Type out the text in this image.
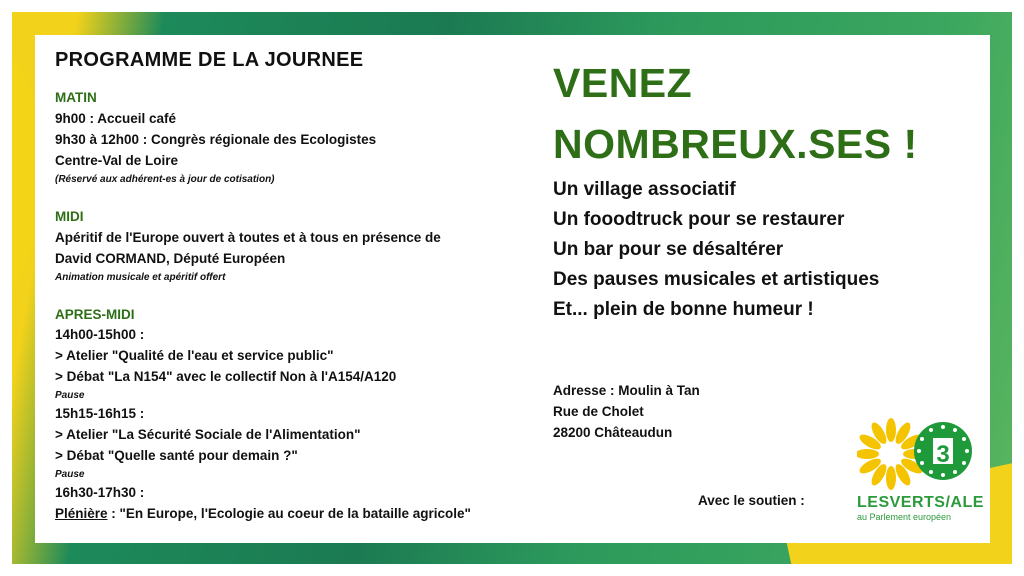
PROGRAMME DE LA JOURNEE

MATIN

9h00 : Accueil café

9h30 à 12h00 : Congrès régionale des Ecologistes

Centre-Val de Loire

(Réservé aux adhérent-es à jour de cotisation)

MIDI

Apéritif de l'Europe ouvert à toutes et à tous en présence de

David CORMAND, Député Européen

Animation musicale et apéritif offert

APRES-MIDI

14h00-15h00 :

> Atelier "Qualité de l'eau et service public"

> Débat "La N154" avec le collectif Non à l'A154/A120

Pause

15h15-16h15 :

> Atelier "La Sécurité Sociale de l'Alimentation"

> Débat "Quelle santé pour demain ?"

Pause

16h30-17h30 :

Plénière : "En Europe, l'Ecologie au coeur de la bataille agricole"

VENEZ

NOMBREUX.SES !

Un village associatif

Un fooodtruck pour se restaurer

Un bar pour se désaltérer

Des pauses musicales et artistiques

Et... plein de bonne humeur !

Adresse : Moulin à Tan

Rue de Cholet

28200 Châteaudun

Avec le soutien :
3
LESVERTS/ALE
au Parlement européen
